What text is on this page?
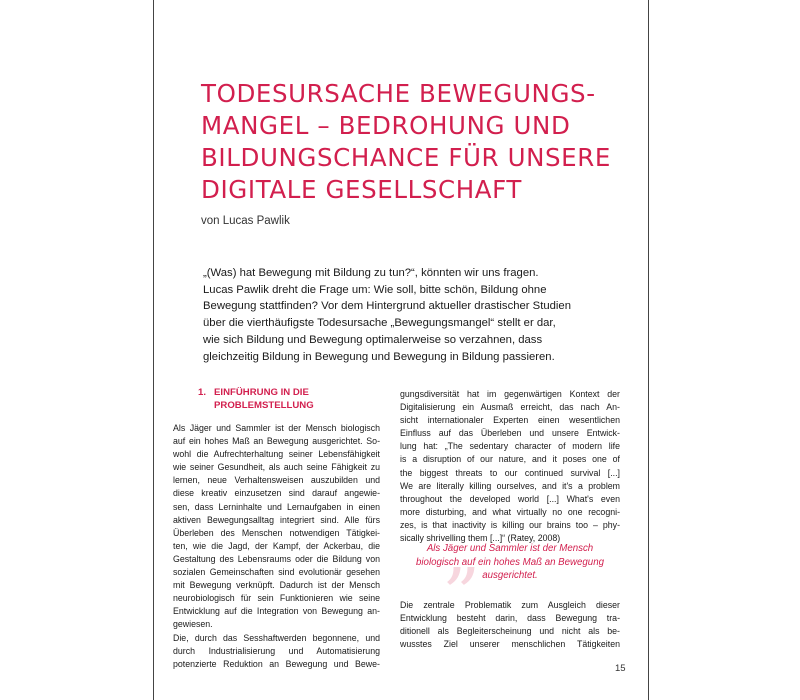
TODESURSACHE BEWEGUNGS-
MANGEL – BEDROHUNG UND
BILDUNGSCHANCE FÜR UNSERE
DIGITALE GESELLSCHAFT
von Lucas Pawlik
„(Was) hat Bewegung mit Bildung zu tun?“, könnten wir uns fragen.
Lucas Pawlik dreht die Frage um: Wie soll, bitte schön, Bildung ohne
Bewegung stattfinden? Vor dem Hintergrund aktueller drastischer Studien
über die vierthäufigste Todesursache „Bewegungsmangel“ stellt er dar,
wie sich Bildung und Bewegung optimalerweise so verzahnen, dass
gleichzeitig Bildung in Bewegung und Bewegung in Bildung passieren.
1. EINFÜHRUNG IN DIE
PROBLEMSTELLUNG
Als Jäger und Sammler ist der Mensch biologisch
auf ein hohes Maß an Bewegung ausgerichtet. So-
wohl die Aufrechterhaltung seiner Lebensfähigkeit
wie seiner Gesundheit, als auch seine Fähigkeit zu
lernen, neue Verhaltensweisen auszubilden und
diese kreativ einzusetzen sind darauf angewie-
sen, dass Lerninhalte und Lernaufgaben in einen
aktiven Bewegungsalltag integriert sind. Alle fürs
Überleben des Menschen notwendigen Tätigkei-
ten, wie die Jagd, der Kampf, der Ackerbau, die
Gestaltung des Lebensraums oder die Bildung von
sozialen Gemeinschaften sind evolutionär gesehen
mit Bewegung verknüpft. Dadurch ist der Mensch
neurobiologisch für sein Funktionieren wie seine
Entwicklung auf die Integration von Bewegung an-
gewiesen.
Die, durch das Sesshaftwerden begonnene, und
durch Industrialisierung und Automatisierung
potenzierte Reduktion an Bewegung und Bewe-
gungsdiversität hat im gegenwärtigen Kontext der
Digitalisierung ein Ausmaß erreicht, das nach An-
sicht internationaler Experten einen wesentlichen
Einfluss auf das Überleben und unsere Entwick-
lung hat: „The sedentary character of modern life
is a disruption of our nature, and it poses one of
the biggest threats to our continued survival [...]
We are literally killing ourselves, and it's a problem
throughout the developed world [...] What's even
more disturbing, and what virtually no one recogni-
zes, is that inactivity is killing our brains too – phy-
sically shrivelling them [...]“ (Ratey, 2008)
„
Als Jäger und Sammler ist der Mensch
biologisch auf ein hohes Maß an Bewegung
ausgerichtet.
Die zentrale Problematik zum Ausgleich dieser
Entwicklung besteht darin, dass Bewegung tra-
ditionell als Begleiterscheinung und nicht als be-
wusstes Ziel unserer menschlichen Tätigkeiten
15
